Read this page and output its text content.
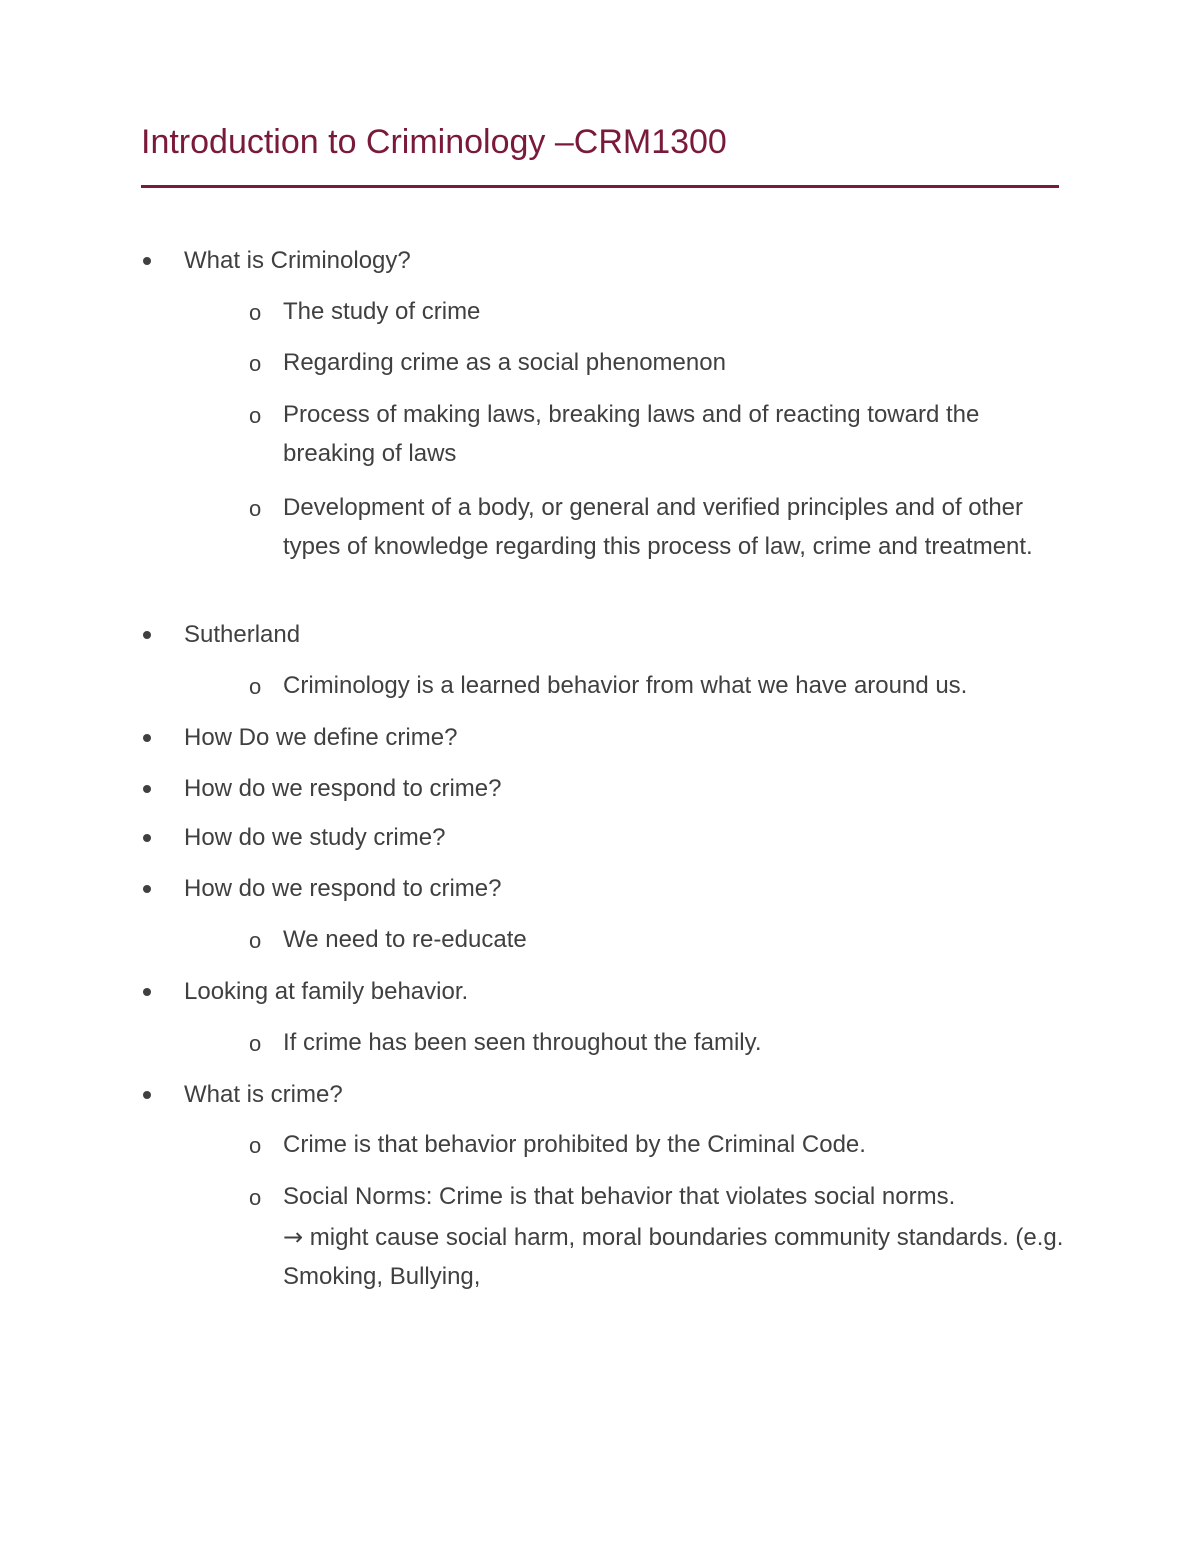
Introduction to Criminology –CRM1300
What is Criminology?
o The study of crime
o Regarding crime as a social phenomenon
o Process of making laws, breaking laws and of reacting toward the breaking of laws
o Development of a body, or general and verified principles and of other types of knowledge regarding this process of law, crime and treatment.
Sutherland
o Criminology is a learned behavior from what we have around us.
How Do we define crime?
How do we respond to crime?
How do we study crime?
How do we respond to crime?
o We need to re-educate
Looking at family behavior.
o If crime has been seen throughout the family.
What is crime?
o Crime is that behavior prohibited by the Criminal Code.
o Social Norms: Crime is that behavior that violates social norms.
→ might cause social harm, moral boundaries community standards. (e.g. Smoking, Bullying,
